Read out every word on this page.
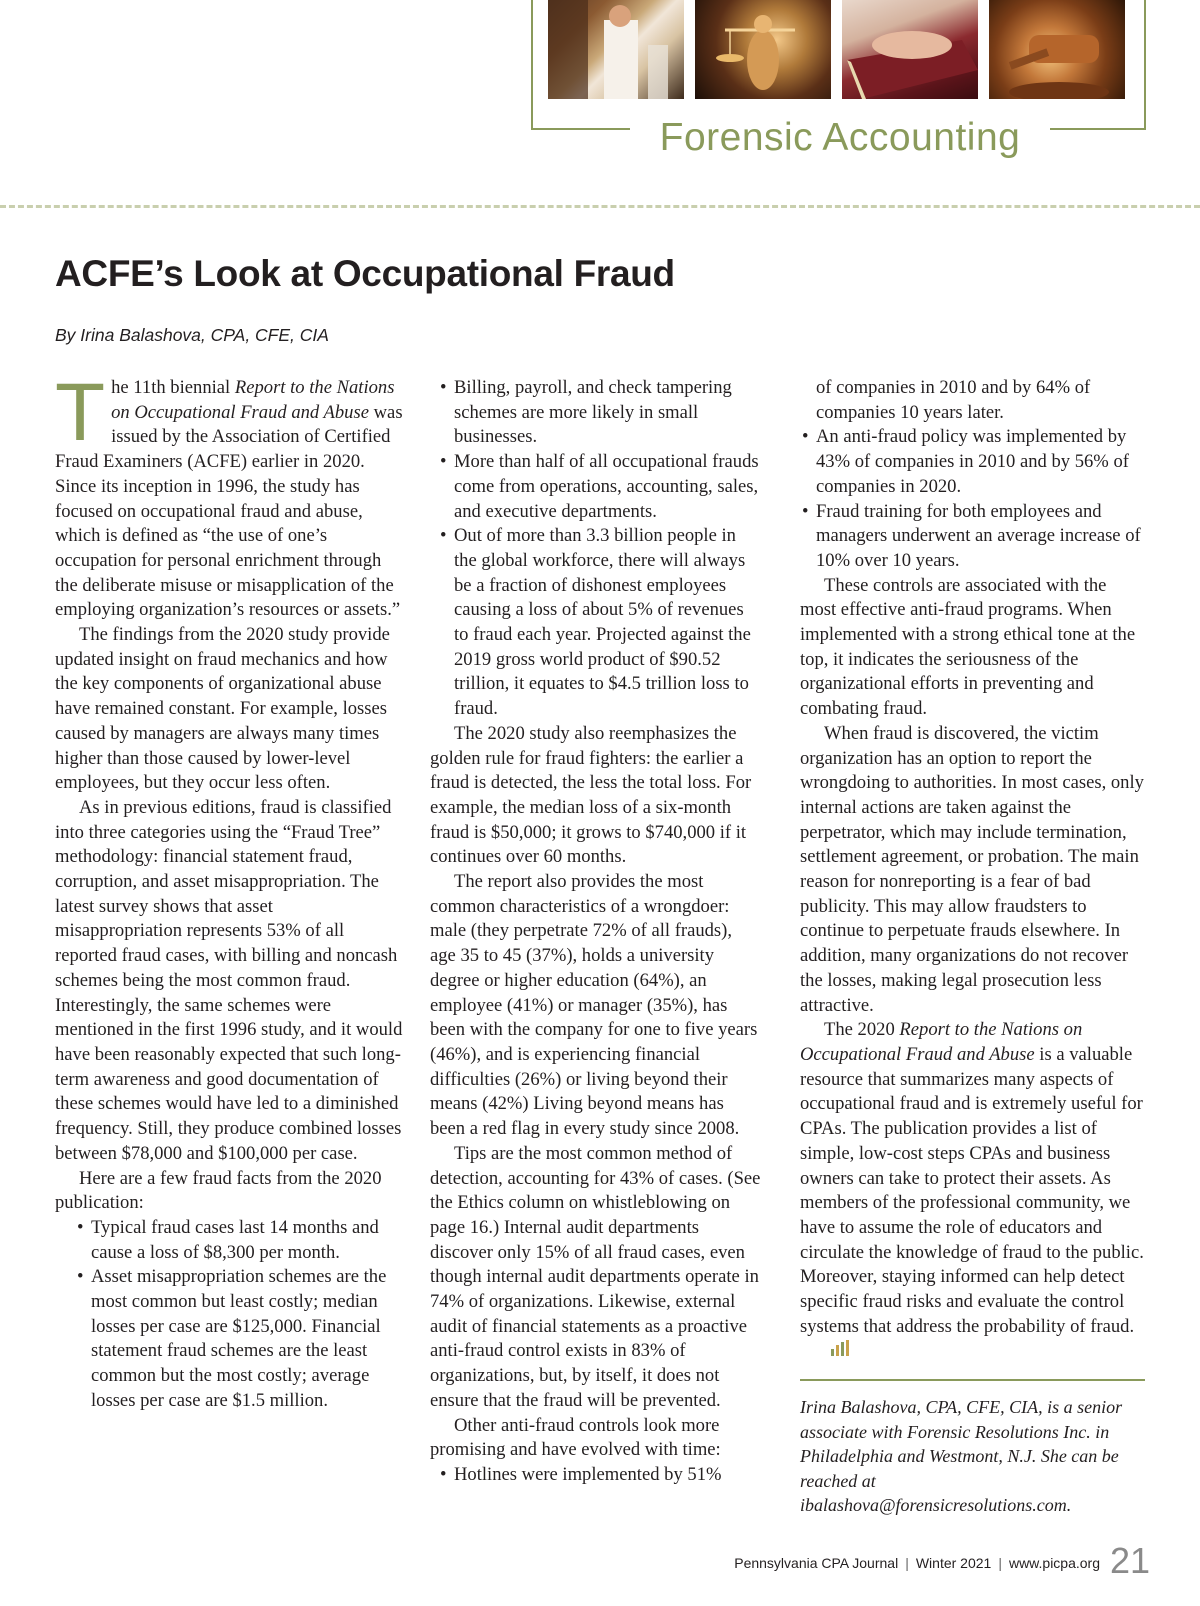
Forensic Accounting
ACFE’s Look at Occupational Fraud
By Irina Balashova, CPA, CFE, CIA

The 11th biennial Report to the Nations on Occupational Fraud and Abuse was issued by the Association of Certified Fraud Examiners (ACFE) earlier in 2020. Since its inception in 1996, the study has focused on occupational fraud and abuse, which is defined as “the use of one’s occupation for personal enrichment through the deliberate misuse or misapplication of the employing organization’s resources or assets.”

The findings from the 2020 study provide updated insight on fraud mechanics and how the key components of organizational abuse have remained constant. For example, losses caused by managers are always many times higher than those caused by lower-level employees, but they occur less often.

As in previous editions, fraud is classified into three categories using the “Fraud Tree” methodology: financial statement fraud, corruption, and asset misappropriation. The latest survey shows that asset misappropriation represents 53% of all reported fraud cases, with billing and noncash schemes being the most common fraud. Interestingly, the same schemes were mentioned in the first 1996 study, and it would have been reasonably expected that such long-term awareness and good documentation of these schemes would have led to a diminished frequency. Still, they produce combined losses between $78,000 and $100,000 per case.

Here are a few fraud facts from the 2020 publication:

• Typical fraud cases last 14 months and cause a loss of $8,300 per month.
• Asset misappropriation schemes are the most common but least costly; median losses per case are $125,000. Financial statement fraud schemes are the least common but the most costly; average losses per case are $1.5 million.
• Billing, payroll, and check tampering schemes are more likely in small businesses.
• More than half of all occupational frauds come from operations, accounting, sales, and executive departments.
• Out of more than 3.3 billion people in the global workforce, there will always be a fraction of dishonest employees causing a loss of about 5% of revenues to fraud each year. Projected against the 2019 gross world product of $90.52 trillion, it equates to $4.5 trillion loss to fraud.

The 2020 study also reemphasizes the golden rule for fraud fighters: the earlier a fraud is detected, the less the total loss. For example, the median loss of a six-month fraud is $50,000; it grows to $740,000 if it continues over 60 months.

The report also provides the most common characteristics of a wrongdoer: male (they perpetrate 72% of all frauds), age 35 to 45 (37%), holds a university degree or higher education (64%), an employee (41%) or manager (35%), has been with the company for one to five years (46%), and is experiencing financial difficulties (26%) or living beyond their means (42%) Living beyond means has been a red flag in every study since 2008.

Tips are the most common method of detection, accounting for 43% of cases. (See the Ethics column on whistleblowing on page 16.) Internal audit departments discover only 15% of all fraud cases, even though internal audit departments operate in 74% of organizations. Likewise, external audit of financial statements as a proactive anti-fraud control exists in 83% of organizations, but, by itself, it does not ensure that the fraud will be prevented.

Other anti-fraud controls look more promising and have evolved with time:

• Hotlines were implemented by 51%
of companies in 2010 and by 64% of companies 10 years later.
• An anti-fraud policy was implemented by 43% of companies in 2010 and by 56% of companies in 2020.
• Fraud training for both employees and managers underwent an average increase of 10% over 10 years.

These controls are associated with the most effective anti-fraud programs. When implemented with a strong ethical tone at the top, it indicates the seriousness of the organizational efforts in preventing and combating fraud.

When fraud is discovered, the victim organization has an option to report the wrongdoing to authorities. In most cases, only internal actions are taken against the perpetrator, which may include termination, settlement agreement, or probation. The main reason for nonreporting is a fear of bad publicity. This may allow fraudsters to continue to perpetuate frauds elsewhere. In addition, many organizations do not recover the losses, making legal prosecution less attractive.

The 2020 Report to the Nations on Occupational Fraud and Abuse is a valuable resource that summarizes many aspects of occupational fraud and is extremely useful for CPAs. The publication provides a list of simple, low-cost steps CPAs and business owners can take to protect their assets. As members of the professional community, we have to assume the role of educators and circulate the knowledge of fraud to the public. Moreover, staying informed can help detect specific fraud risks and evaluate the control systems that address the probability of fraud.

Irina Balashova, CPA, CFE, CIA, is a senior associate with Forensic Resolutions Inc. in Philadelphia and Westmont, N.J. She can be reached at ibalashova@forensicresolutions.com.
Pennsylvania CPA Journal | Winter 2021 | www.picpa.org 21
